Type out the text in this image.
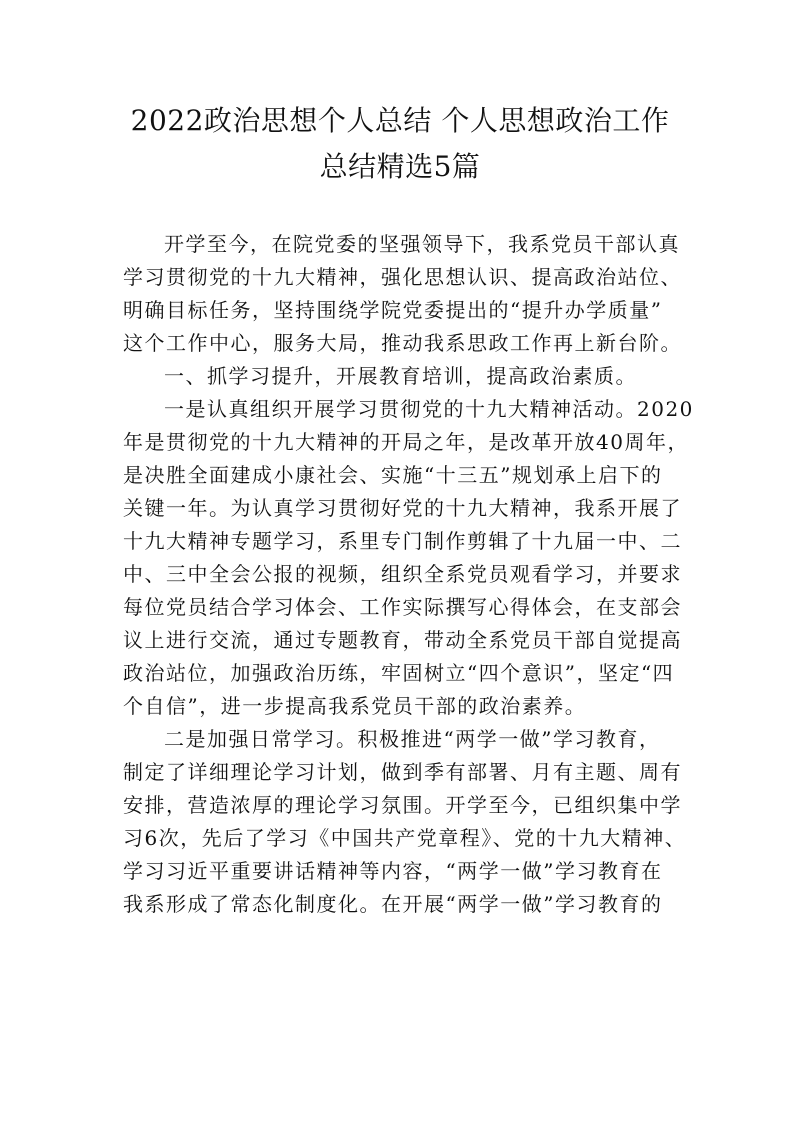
2022政治思想个人总结 个人思想政治工作
总结精选5篇

开学至今，在院党委的坚强领导下，我系党员干部认真
学习贯彻党的十九大精神，强化思想认识、提高政治站位、
明确目标任务，坚持围绕学院党委提出的“提升办学质量”
这个工作中心，服务大局，推动我系思政工作再上新台阶。

一、抓学习提升，开展教育培训，提高政治素质。

一是认真组织开展学习贯彻党的十九大精神活动。2020
年是贯彻党的十九大精神的开局之年，是改革开放40周年，
是决胜全面建成小康社会、实施“十三五”规划承上启下的
关键一年。为认真学习贯彻好党的十九大精神，我系开展了
十九大精神专题学习，系里专门制作剪辑了十九届一中、二
中、三中全会公报的视频，组织全系党员观看学习，并要求
每位党员结合学习体会、工作实际撰写心得体会，在支部会
议上进行交流，通过专题教育，带动全系党员干部自觉提高
政治站位，加强政治历练，牢固树立“四个意识”，坚定“四
个自信”，进一步提高我系党员干部的政治素养。

二是加强日常学习。积极推进“两学一做”学习教育，
制定了详细理论学习计划，做到季有部署、月有主题、周有
安排，营造浓厚的理论学习氛围。开学至今，已组织集中学
习6次，先后了学习《中国共产党章程》、党的十九大精神、
学习习近平重要讲话精神等内容，“两学一做”学习教育在
我系形成了常态化制度化。在开展“两学一做”学习教育的
